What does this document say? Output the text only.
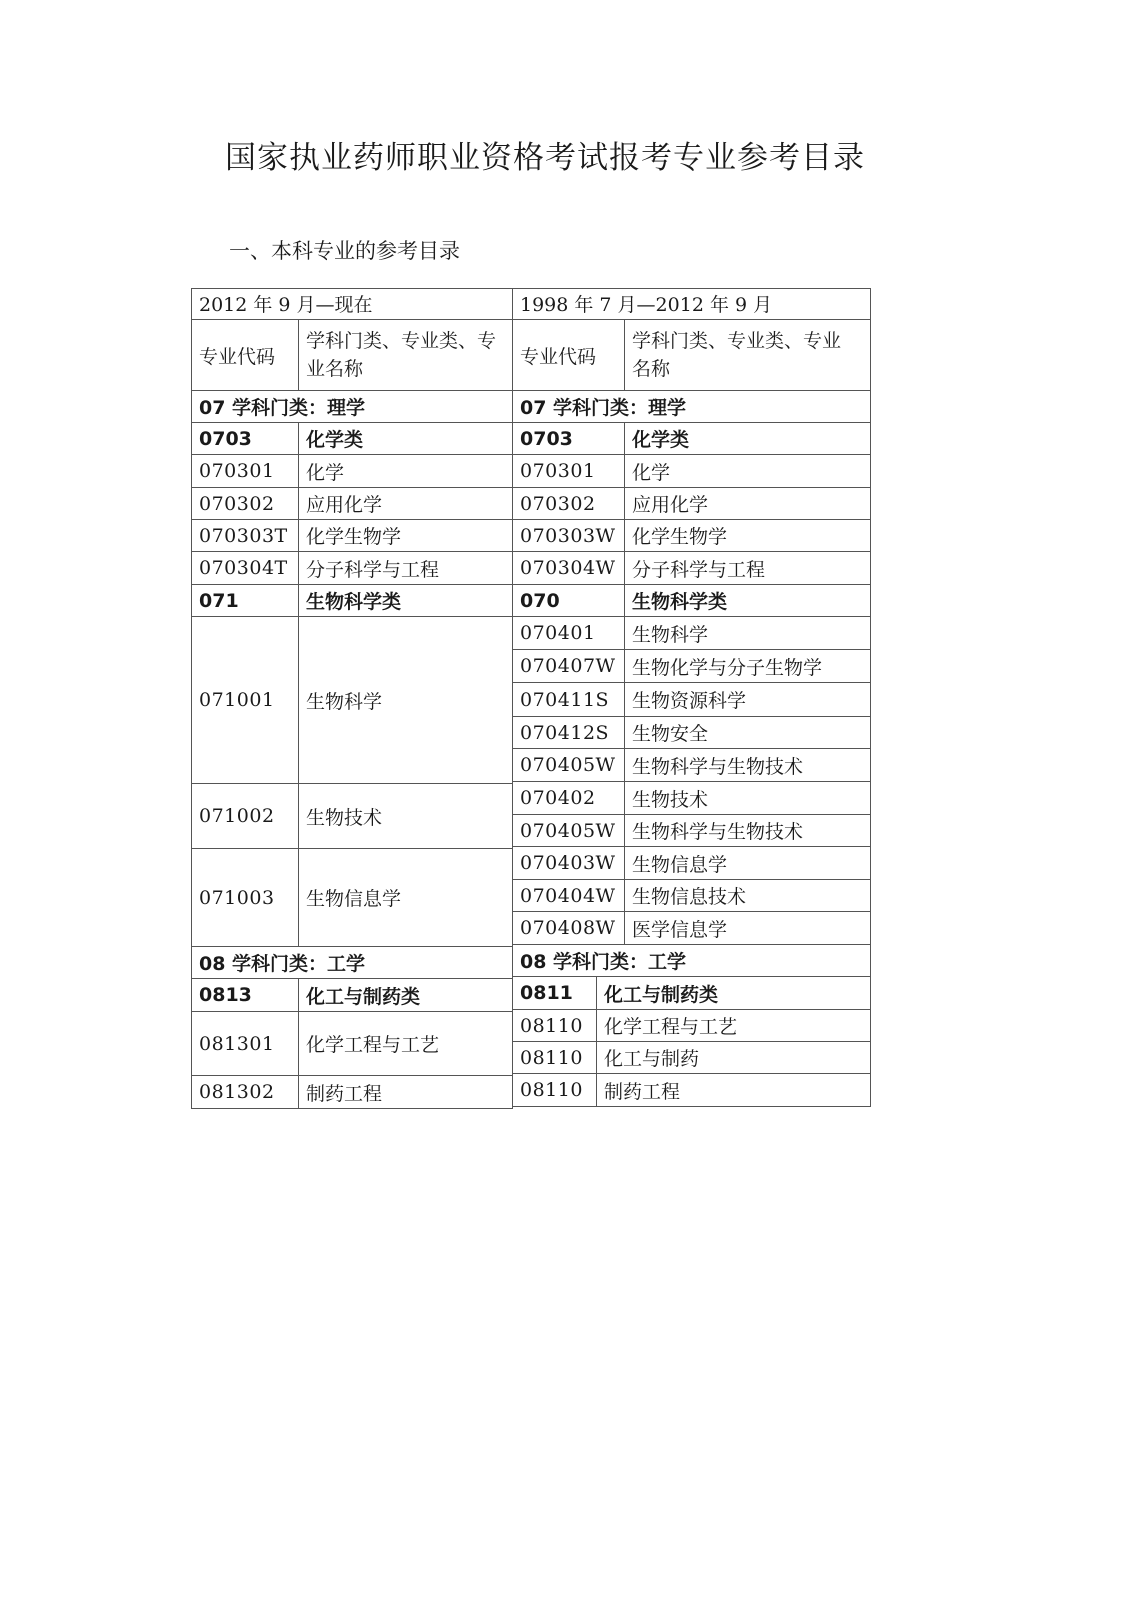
国家执业药师职业资格考试报考专业参考目录
一、本科专业的参考目录
2012 年 9 月—现在	1998 年 7 月—2012 年 9 月
专业代码
学科门类、专业类、专业名称
07 学科门类：理学
0703	化学类
070301 化学
070302 应用化学
070303T 化学生物学
070304T 分子科学与工程
071	生物科学类
071001 生物科学
071002 生物技术
071003 生物信息学
08 学科门类：工学
0813	化工与制药类
081301 化学工程与工艺
081302 制药工程
专业代码
学科门类、专业类、专业名称
07 学科门类：理学
0703	化学类
070301 化学
070302 应用化学
070303W 化学生物学
070304W 分子科学与工程
070	生物科学类
070401 生物科学
070407W 生物化学与分子生物学
070411S 生物资源科学
070412S 生物安全
070405W 生物科学与生物技术
070402 生物技术
070405W 生物科学与生物技术
070403W 生物信息学
070404W 生物信息技术
070408W 医学信息学
08 学科门类：工学
0811 化工与制药类
08110 化学工程与工艺
08110 化工与制药
08110 制药工程
